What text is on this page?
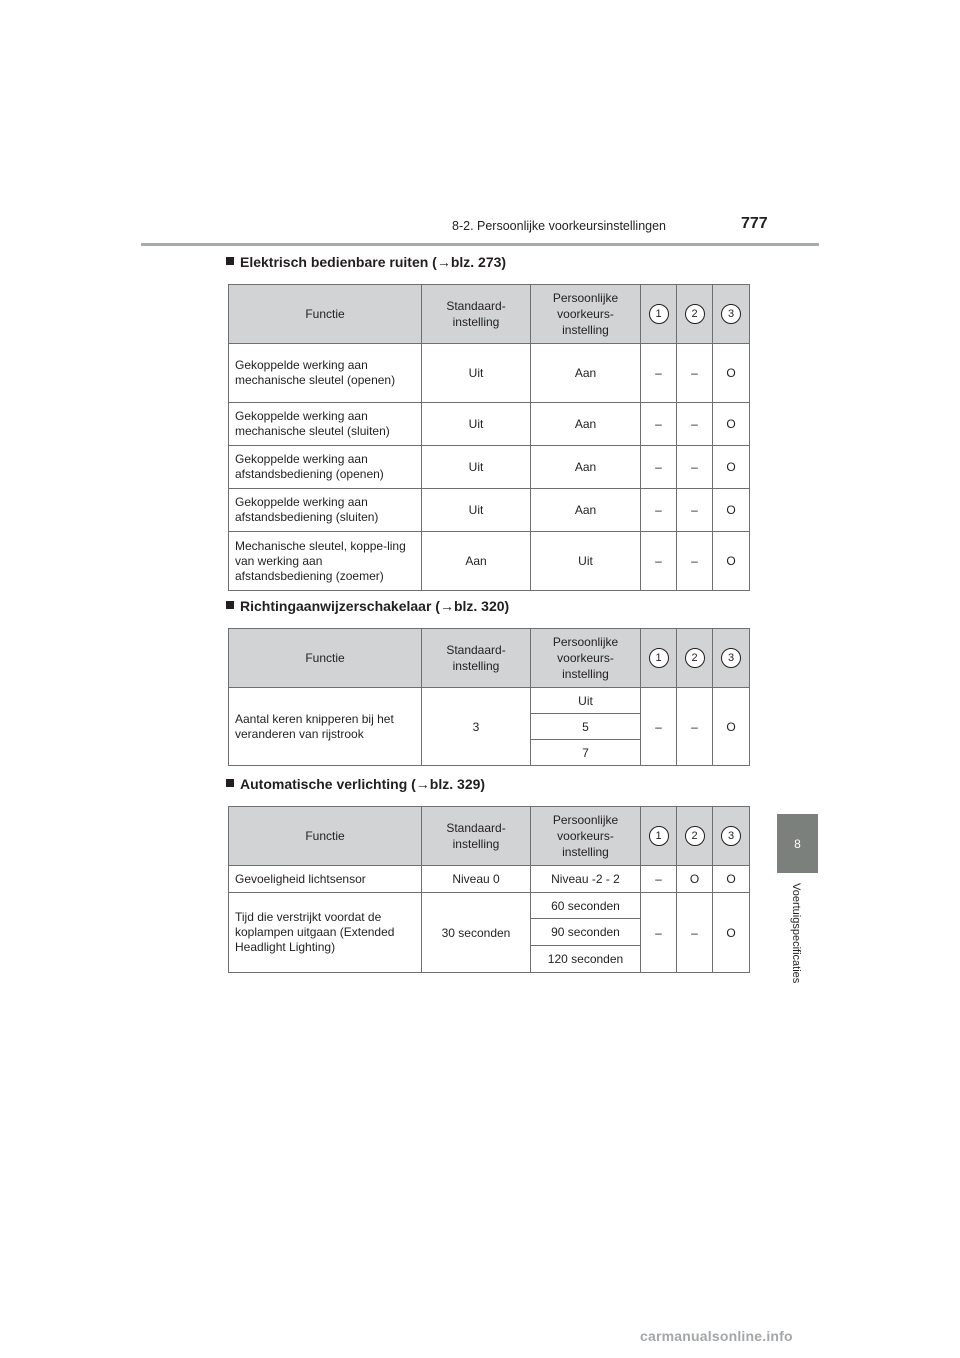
8-2. Persoonlijke voorkeursinstellingen	777
8
Voertuigspecificaties
Elektrisch bedienbare ruiten (→blz. 273)
Functie	Standaard-instelling	Persoonlijke voorkeurs-instelling	1	2	3
Gekoppelde werking aan mechanische sleutel (openen)	Uit	Aan	–	–	O
Gekoppelde werking aan mechanische sleutel (sluiten)	Uit	Aan	–	–	O
Gekoppelde werking aan afstandsbediening (openen)	Uit	Aan	–	–	O
Gekoppelde werking aan afstandsbediening (sluiten)	Uit	Aan	–	–	O
Mechanische sleutel, koppe-ling van werking aan afstandsbediening (zoemer)	Aan	Uit	–	–	O
Richtingaanwijzerschakelaar (→blz. 320)
Functie	Standaard-instelling	Persoonlijke voorkeurs-instelling	1	2	3
Aantal keren knipperen bij het veranderen van rijstrook	3	Uit	–	–	O
		5			
		7			
Automatische verlichting (→blz. 329)
Functie	Standaard-instelling	Persoonlijke voorkeurs-instelling	1	2	3
Gevoeligheid lichtsensor	Niveau 0	Niveau -2 - 2	–	O	O
Tijd die verstrijkt voordat de koplampen uitgaan (Extended Headlight Lighting)	30 seconden	60 seconden	–	–	O
		90 seconden			
		120 seconden			
carmanualsonline.info
